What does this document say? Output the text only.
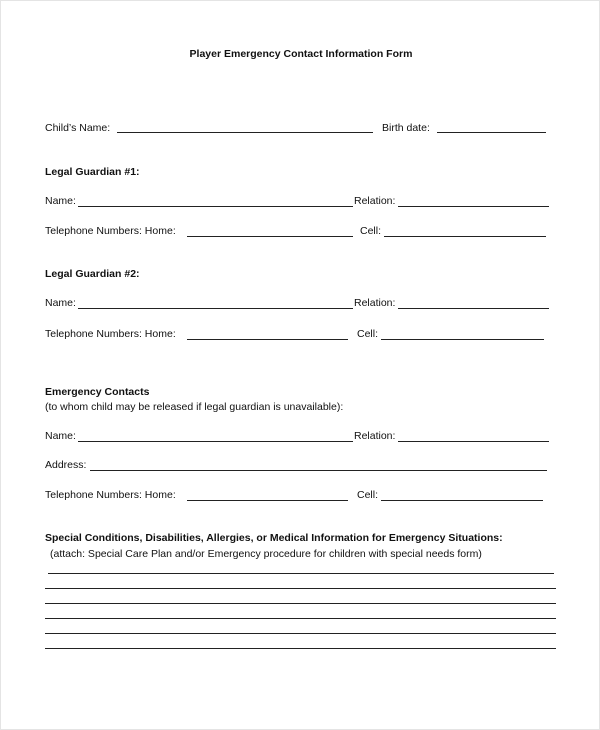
Player Emergency Contact Information Form
Child’s Name:	Birth date:
Legal Guardian #1:
Name:	Relation:
Telephone Numbers: Home:	Cell:
Legal Guardian #2:
Name:	Relation:
Telephone Numbers: Home:	Cell:
Emergency Contacts
(to whom child may be released if legal guardian is unavailable):
Name:	Relation:
Address:
Telephone Numbers: Home:	Cell:
Special Conditions, Disabilities, Allergies, or Medical Information for Emergency Situations:
(attach: Special Care Plan and/or Emergency procedure for children with special needs form)
